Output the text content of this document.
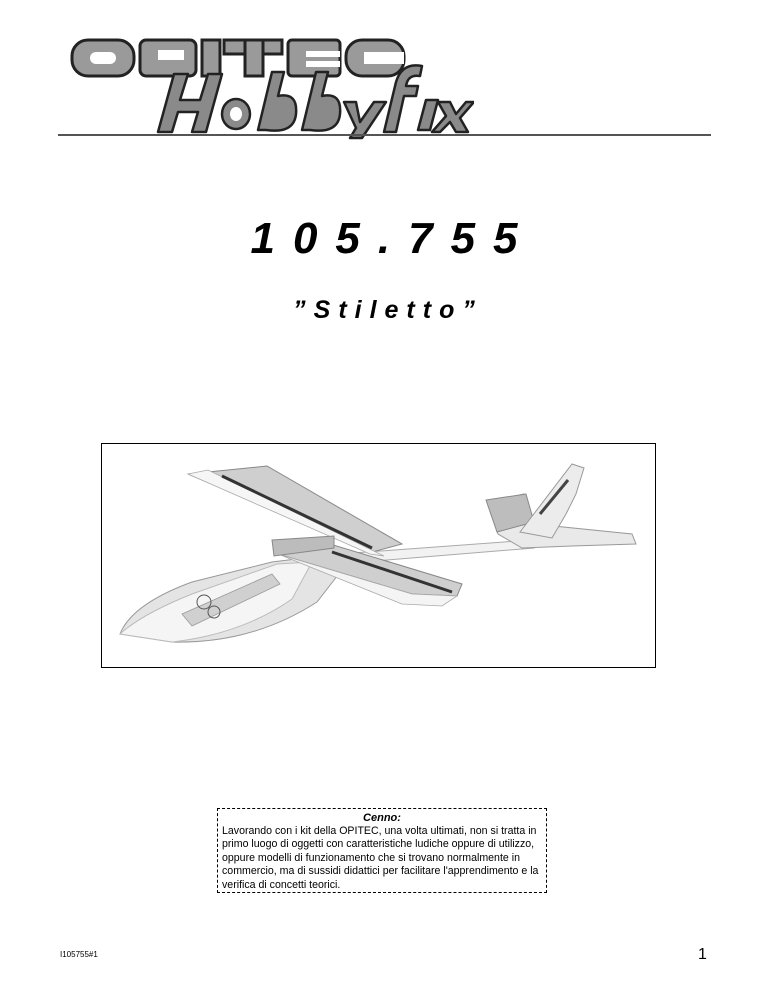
105.755
”Stiletto”
Cenno:
Lavorando con i kit della OPITEC, una volta ultimati, non si tratta in primo luogo di oggetti con caratteristiche ludiche oppure di utilizzo, oppure modelli di funzionamento che si trovano normalmente in commercio, ma di sussidi didattici per facilitare l'apprendimento e la verifica di concetti teorici.
I105755#1	1
